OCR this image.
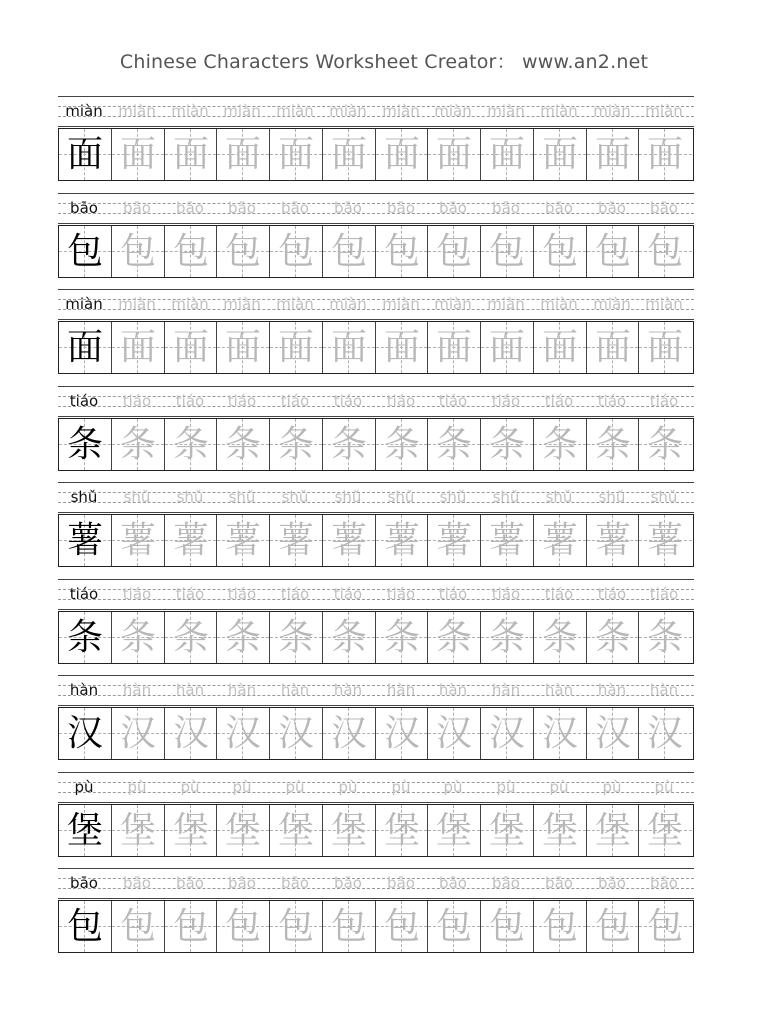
Chinese Characters Worksheet Creator： www.an2.net
miàn	miàn	miàn miàn	miàn	miàn	miàn miàn	miàn	miàn	miàn miàn
面 面 面 面 面 面 面 面 面 面 面 面
bāo	bāo	bāo	bāo	bāo	bāo	bāo	bāo	bāo	bāo	bāo	bāo
包 包 包 包 包 包 包 包 包 包 包 包
miàn	miàn	miàn miàn	miàn	miàn	miàn miàn	miàn	miàn	miàn miàn
面 面 面 面 面 面 面 面 面 面 面 面
tiáo	tiáo	tiáo	tiáo	tiáo	tiáo	tiáo	tiáo	tiáo	tiáo	tiáo	tiáo
条 条 条 条 条 条 条 条 条 条 条 条
shǔ	shǔ	shǔ	shǔ	shǔ	shǔ	shǔ	shǔ	shǔ	shǔ	shǔ	shǔ
薯 薯 薯 薯 薯 薯 薯 薯 薯 薯 薯 薯
tiáo	tiáo	tiáo	tiáo	tiáo	tiáo	tiáo	tiáo	tiáo	tiáo	tiáo	tiáo
条 条 条 条 条 条 条 条 条 条 条 条
hàn	hàn	hàn	hàn	hàn	hàn	hàn	hàn	hàn	hàn	hàn	hàn
汉 汉 汉 汉 汉 汉 汉 汉 汉 汉 汉 汉
pù	pù	pù	pù	pù	pù	pù	pù	pù	pù	pù	pù
堡 堡 堡 堡 堡 堡 堡 堡 堡 堡 堡 堡
bāo	bāo	bāo	bāo	bāo	bāo	bāo	bāo	bāo	bāo	bāo	bāo
包 包 包 包 包 包 包 包 包 包 包 包
